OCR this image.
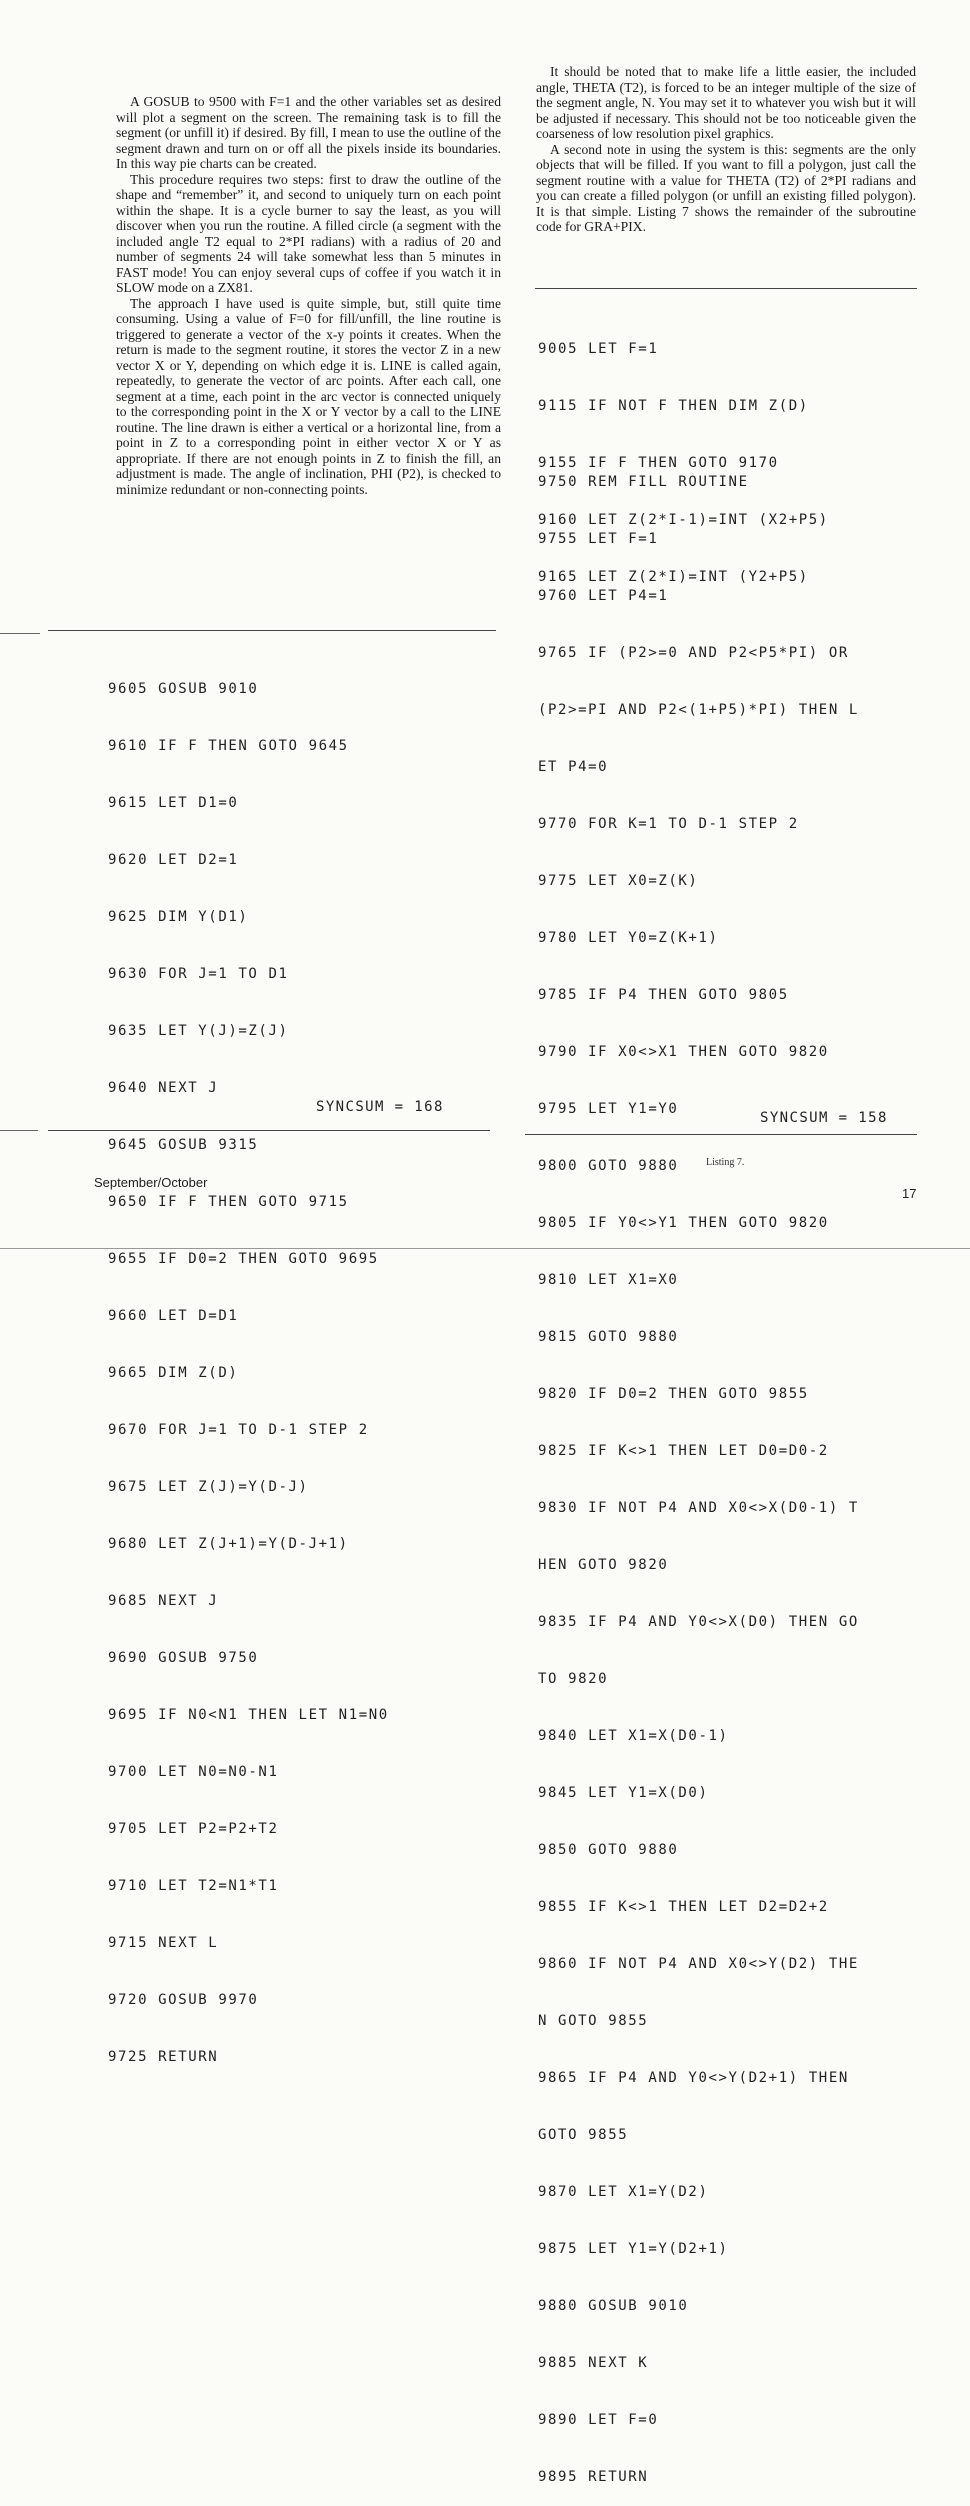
A GOSUB to 9500 with F=1 and the other variables set as desired will plot a segment on the screen. The remaining task is to fill the segment (or unfill it) if desired. By fill, I mean to use the outline of the segment drawn and turn on or off all the pixels inside its boundaries. In this way pie charts can be created.

This procedure requires two steps: first to draw the outline of the shape and “remember” it, and second to uniquely turn on each point within the shape. It is a cycle burner to say the least, as you will discover when you run the routine. A filled circle (a segment with the included angle T2 equal to 2*PI radians) with a radius of 20 and number of segments 24 will take somewhat less than 5 minutes in FAST mode! You can enjoy several cups of coffee if you watch it in SLOW mode on a ZX81.

The approach I have used is quite simple, but, still quite time consuming. Using a value of F=0 for fill/unfill, the line routine is triggered to generate a vector of the x-y points it creates. When the return is made to the segment routine, it stores the vector Z in a new vector X or Y, depending on which edge it is. LINE is called again, repeatedly, to generate the vector of arc points. After each call, one segment at a time, each point in the arc vector is connected uniquely to the corresponding point in the X or Y vector by a call to the LINE routine. The line drawn is either a vertical or a horizontal line, from a point in Z to a corresponding point in either vector X or Y as appropriate. If there are not enough points in Z to finish the fill, an adjustment is made. The angle of inclination, PHI (P2), is checked to minimize redundant or non-connecting points.

It should be noted that to make life a little easier, the included angle, THETA (T2), is forced to be an integer multiple of the size of the segment angle, N. You may set it to whatever you wish but it will be adjusted if necessary. This should not be too noticeable given the coarseness of low resolution pixel graphics.

A second note in using the system is this: segments are the only objects that will be filled. If you want to fill a polygon, just call the segment routine with a value for THETA (T2) of 2*PI radians and you can create a filled polygon (or unfill an existing filled polygon). It is that simple. Listing 7 shows the remainder of the subroutine code for GRA+PIX.

9605 GOSUB 9010

9610 IF F THEN GOTO 9645

9615 LET D1=0

9620 LET D2=1

9625 DIM Y(D1)

9630 FOR J=1 TO D1

9635 LET Y(J)=Z(J)

9640 NEXT J

9645 GOSUB 9315

9650 IF F THEN GOTO 9715

9655 IF D0=2 THEN GOTO 9695

9660 LET D=D1

9665 DIM Z(D)

9670 FOR J=1 TO D-1 STEP 2

9675 LET Z(J)=Y(D-J)

9680 LET Z(J+1)=Y(D-J+1)

9685 NEXT J

9690 GOSUB 9750

9695 IF N0<N1 THEN LET N1=N0

9700 LET N0=N0-N1

9705 LET P2=P2+T2

9710 LET T2=N1*T1

9715 NEXT L

9720 GOSUB 9970

9725 RETURN

SYNCSUM = 168

9005 LET F=1

9115 IF NOT F THEN DIM Z(D)

9155 IF F THEN GOTO 9170

9160 LET Z(2*I-1)=INT (X2+P5)

9165 LET Z(2*I)=INT (Y2+P5)

9750 REM FILL ROUTINE

9755 LET F=1

9760 LET P4=1

9765 IF (P2>=0 AND P2<P5*PI) OR

(P2>=PI AND P2<(1+P5)*PI) THEN L

ET P4=0

9770 FOR K=1 TO D-1 STEP 2

9775 LET X0=Z(K)

9780 LET Y0=Z(K+1)

9785 IF P4 THEN GOTO 9805

9790 IF X0<>X1 THEN GOTO 9820

9795 LET Y1=Y0

9800 GOTO 9880

9805 IF Y0<>Y1 THEN GOTO 9820

9810 LET X1=X0

9815 GOTO 9880

9820 IF D0=2 THEN GOTO 9855

9825 IF K<>1 THEN LET D0=D0-2

9830 IF NOT P4 AND X0<>X(D0-1) T

HEN GOTO 9820

9835 IF P4 AND Y0<>X(D0) THEN GO

TO 9820

9840 LET X1=X(D0-1)

9845 LET Y1=X(D0)

9850 GOTO 9880

9855 IF K<>1 THEN LET D2=D2+2

9860 IF NOT P4 AND X0<>Y(D2) THE

N GOTO 9855

9865 IF P4 AND Y0<>Y(D2+1) THEN

GOTO 9855

9870 LET X1=Y(D2)

9875 LET Y1=Y(D2+1)

9880 GOSUB 9010

9885 NEXT K

9890 LET F=0

9895 RETURN

SYNCSUM = 158
Listing 7.
September/October
17
